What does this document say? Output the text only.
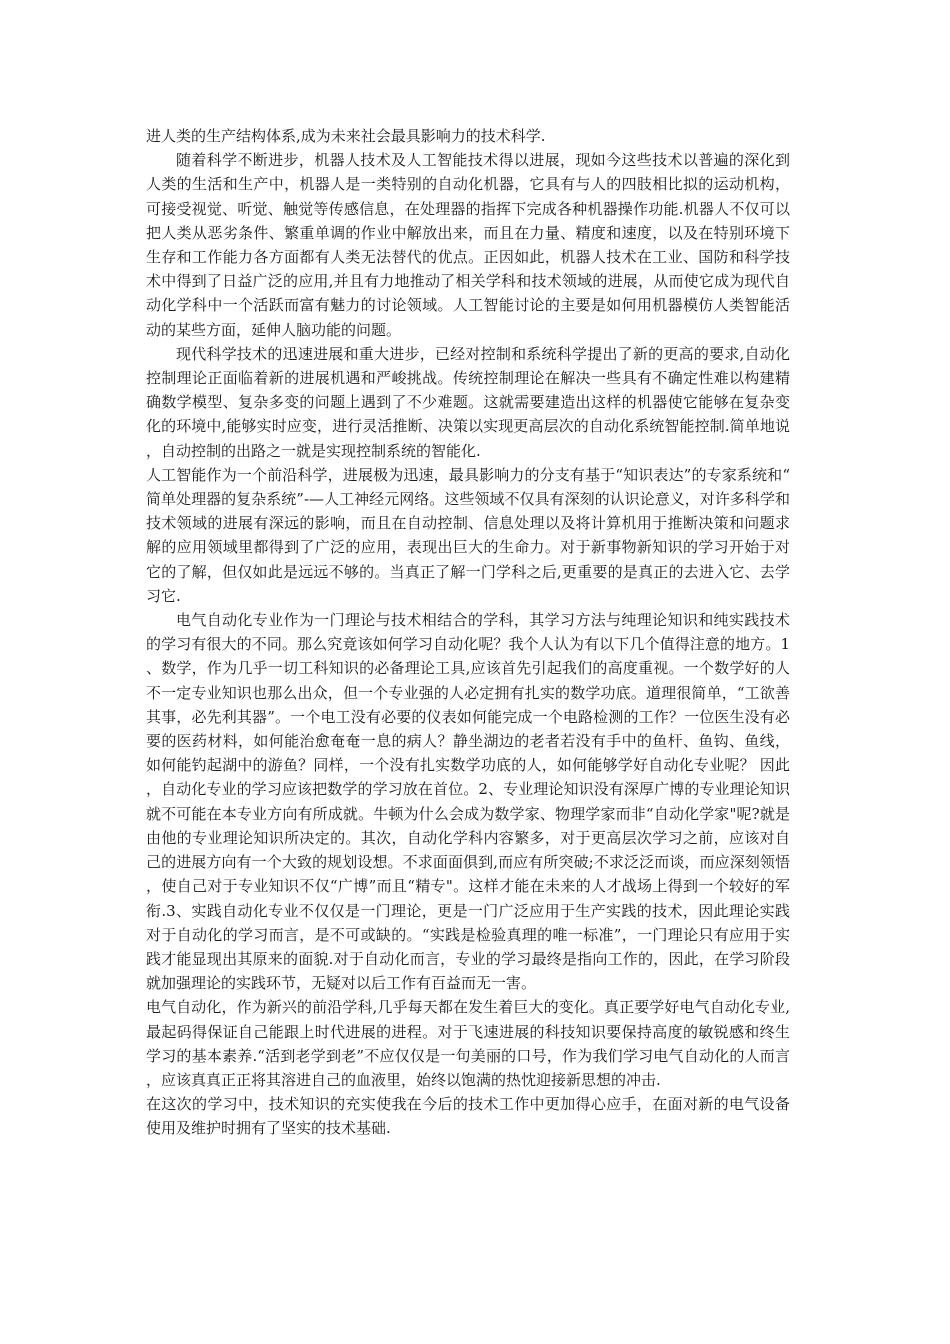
进人类的生产结构体系,成为未来社会最具影响力的技术科学.

随着科学不断进步，机器人技术及人工智能技术得以进展，现如今这些技术以普遍的深化到人类的生活和生产中，机器人是一类特别的自动化机器，它具有与人的四肢相比拟的运动机构，可接受视觉、听觉、触觉等传感信息，在处理器的指挥下完成各种机器操作功能.机器人不仅可以把人类从恶劣条件、繁重单调的作业中解放出来，而且在力量、精度和速度，以及在特别环境下生存和工作能力各方面都有人类无法替代的优点。正因如此，机器人技术在工业、国防和科学技术中得到了日益广泛的应用,并且有力地推动了相关学科和技术领域的进展，从而使它成为现代自动化学科中一个活跃而富有魅力的讨论领域。人工智能讨论的主要是如何用机器模仿人类智能活动的某些方面，延伸人脑功能的问题。

现代科学技术的迅速进展和重大进步，已经对控制和系统科学提出了新的更高的要求,自动化控制理论正面临着新的进展机遇和严峻挑战。传统控制理论在解决一些具有不确定性难以构建精确数学模型、复杂多变的问题上遇到了不少难题。这就需要建造出这样的机器使它能够在复杂变化的环境中,能够实时应变，进行灵活推断、决策以实现更高层次的自动化系统智能控制.简单地说，自动控制的出路之一就是实现控制系统的智能化.

人工智能作为一个前沿科学，进展极为迅速，最具影响力的分支有基于“知识表达”的专家系统和“简单处理器的复杂系统”-—人工神经元网络。这些领域不仅具有深刻的认识论意义，对许多科学和技术领域的进展有深远的影响，而且在自动控制、信息处理以及将计算机用于推断决策和问题求解的应用领域里都得到了广泛的应用，表现出巨大的生命力。对于新事物新知识的学习开始于对它的了解，但仅如此是远远不够的。当真正了解一门学科之后,更重要的是真正的去进入它、去学习它.

电气自动化专业作为一门理论与技术相结合的学科，其学习方法与纯理论知识和纯实践技术的学习有很大的不同。那么究竟该如何学习自动化呢？我个人认为有以下几个值得注意的地方。1、数学，作为几乎一切工科知识的必备理论工具,应该首先引起我们的高度重视。一个数学好的人不一定专业知识也那么出众，但一个专业强的人必定拥有扎实的数学功底。道理很简单，“工欲善其事，必先利其器”。一个电工没有必要的仪表如何能完成一个电路检测的工作？一位医生没有必要的医药材料，如何能治愈奄奄一息的病人？静坐湖边的老者若没有手中的鱼杆、鱼钩、鱼线，如何能钓起湖中的游鱼？同样，一个没有扎实数学功底的人，如何能够学好自动化专业呢？ 因此，自动化专业的学习应该把数学的学习放在首位。2、专业理论知识没有深厚广博的专业理论知识就不可能在本专业方向有所成就。牛顿为什么会成为数学家、物理学家而非“自动化学家"呢?就是由他的专业理论知识所决定的。其次，自动化学科内容繁多，对于更高层次学习之前，应该对自己的进展方向有一个大致的规划设想。不求面面俱到,而应有所突破;不求泛泛而谈，而应深刻领悟，使自己对于专业知识不仅“广博”而且“精专"。这样才能在未来的人才战场上得到一个较好的军衔.3、实践自动化专业不仅仅是一门理论，更是一门广泛应用于生产实践的技术，因此理论实践对于自动化的学习而言，是不可或缺的。“实践是检验真理的唯一标准”，一门理论只有应用于实践才能显现出其原来的面貌.对于自动化而言，专业的学习最终是指向工作的，因此，在学习阶段就加强理论的实践环节，无疑对以后工作有百益而无一害。

电气自动化，作为新兴的前沿学科,几乎每天都在发生着巨大的变化。真正要学好电气自动化专业,最起码得保证自己能跟上时代进展的进程。对于飞速进展的科技知识要保持高度的敏锐感和终生学习的基本素养.“活到老学到老”不应仅仅是一句美丽的口号，作为我们学习电气自动化的人而言，应该真真正正将其溶进自己的血液里，始终以饱满的热忱迎接新思想的冲击.

在这次的学习中，技术知识的充实使我在今后的技术工作中更加得心应手，在面对新的电气设备使用及维护时拥有了坚实的技术基础.
